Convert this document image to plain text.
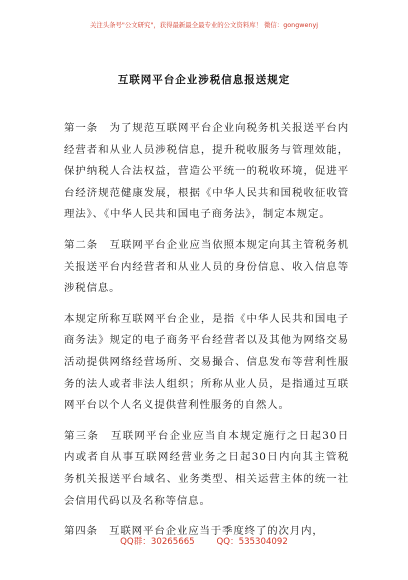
关注头条号"公文研究"，获得最新最全最专业的公文资料库！ 微信：gongwenyj
互联网平台企业涉税信息报送规定

第一条　为了规范互联网平台企业向税务机关报送平台内经营者和从业人员涉税信息，提升税收服务与管理效能，保护纳税人合法权益，营造公平统一的税收环境，促进平台经济规范健康发展，根据《中华人民共和国税收征收管理法》、《中华人民共和国电子商务法》，制定本规定。

第二条　互联网平台企业应当依照本规定向其主管税务机关报送平台内经营者和从业人员的身份信息、收入信息等涉税信息。

本规定所称互联网平台企业，是指《中华人民共和国电子商务法》规定的电子商务平台经营者以及其他为网络交易活动提供网络经营场所、交易撮合、信息发布等营利性服务的法人或者非法人组织；所称从业人员，是指通过互联网平台以个人名义提供营利性服务的自然人。

第三条　互联网平台企业应当自本规定施行之日起30日内或者自从事互联网经营业务之日起30日内向其主管税务机关报送平台域名、业务类型、相关运营主体的统一社会信用代码以及名称等信息。

第四条　互联网平台企业应当于季度终了的次月内，

QQ群：30265665        QQ：535304092
